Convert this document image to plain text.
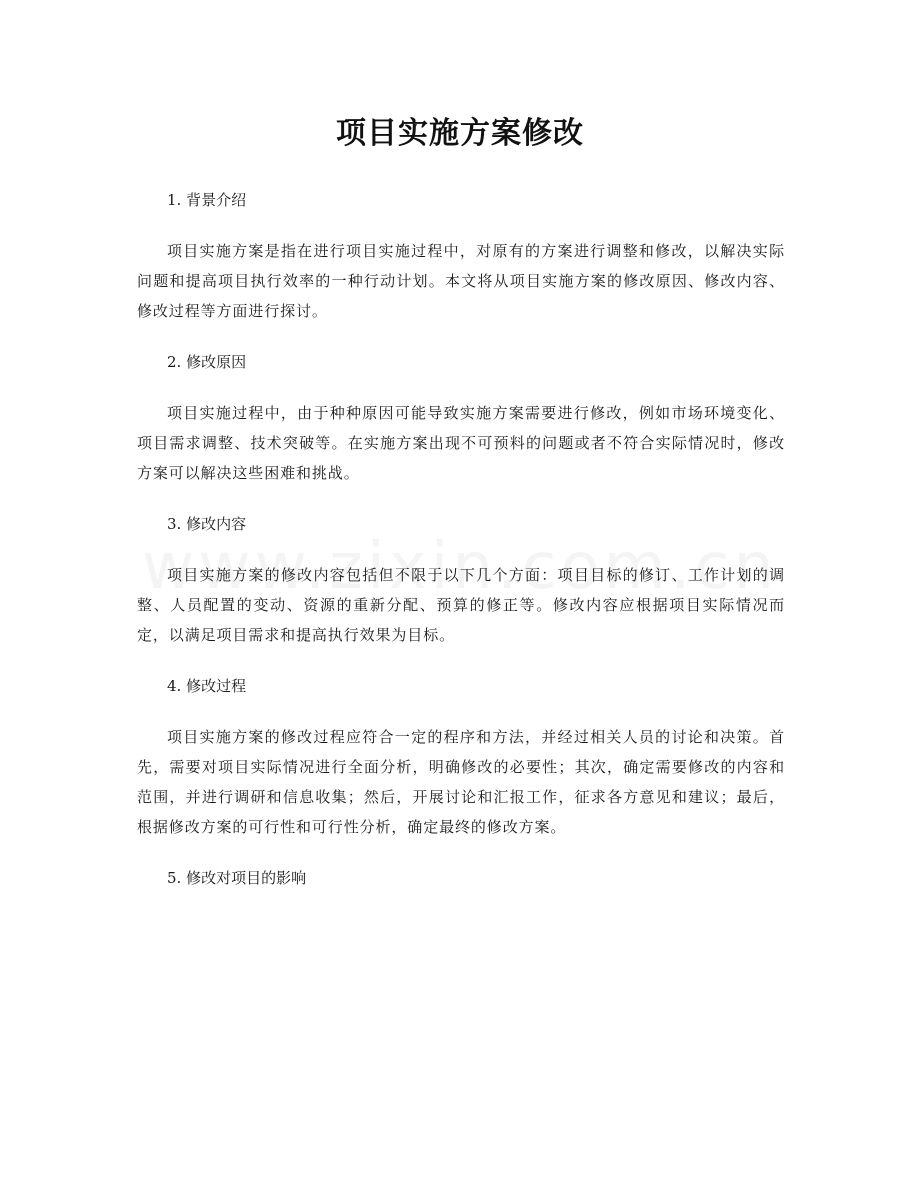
项目实施方案修改

1. 背景介绍

项目实施方案是指在进行项目实施过程中，对原有的方案进行调整和修改，以解决实际问题和提高项目执行效率的一种行动计划。本文将从项目实施方案的修改原因、修改内容、修改过程等方面进行探讨。

2. 修改原因

项目实施过程中，由于种种原因可能导致实施方案需要进行修改，例如市场环境变化、项目需求调整、技术突破等。在实施方案出现不可预料的问题或者不符合实际情况时，修改方案可以解决这些困难和挑战。

3. 修改内容

项目实施方案的修改内容包括但不限于以下几个方面：项目目标的修订、工作计划的调整、人员配置的变动、资源的重新分配、预算的修正等。修改内容应根据项目实际情况而定，以满足项目需求和提高执行效果为目标。

4. 修改过程

项目实施方案的修改过程应符合一定的程序和方法，并经过相关人员的讨论和决策。首先，需要对项目实际情况进行全面分析，明确修改的必要性；其次，确定需要修改的内容和范围，并进行调研和信息收集；然后，开展讨论和汇报工作，征求各方意见和建议；最后，根据修改方案的可行性和可行性分析，确定最终的修改方案。

5. 修改对项目的影响
